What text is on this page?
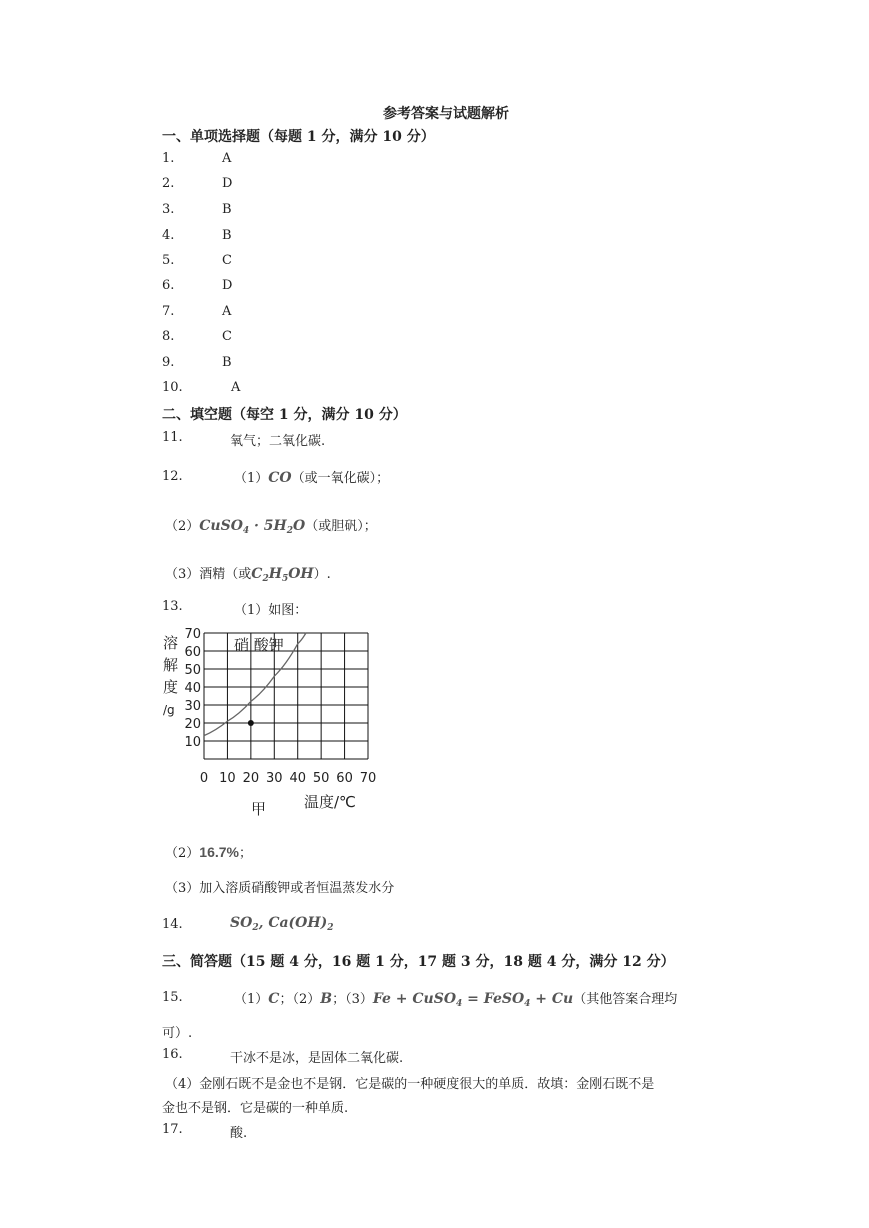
参考答案与试题解析
一、单项选择题（每题 1 分，满分 10 分）
1.	A
2.	D
3.	B
4.	B
5.	C
6.	D
7.	A
8.	C
9.	B
10.	A
二、填空题（每空 1 分，满分 10 分）
11.	氧气；二氧化碳.
12.	（1）CO（或一氧化碳）；
（2）CuSO$_4$ · $5H_2O$（或胆矾）；
（3）酒精（或$C_2H_5OH$）.
13.	（1）如图：
0 10 20 30 40 50 60 70
10
20
30
40
50
60
70
硝 酸钾
甲	温度/℃
溶
解
度
/g
（2）16.7%；
（3）加入溶质硝酸钾或者恒温蒸发水分
14.	$SO_2$, $Ca(OH)_2$
三、简答题（15 题 4 分，16 题 1 分，17 题 3 分，18 题 4 分，满分 12 分）
15.	（1）C；（2）B；（3）Fe + CuSO$_4$ = FeSO$_4$ + Cu（其他答案合理均
可）.
16.	干冰不是冰，是固体二氧化碳.
（4）金刚石既不是金也不是钢．它是碳的一种硬度很大的单质．故填：金刚石既不是
金也不是钢．它是碳的一种单质.
17.	酸.
